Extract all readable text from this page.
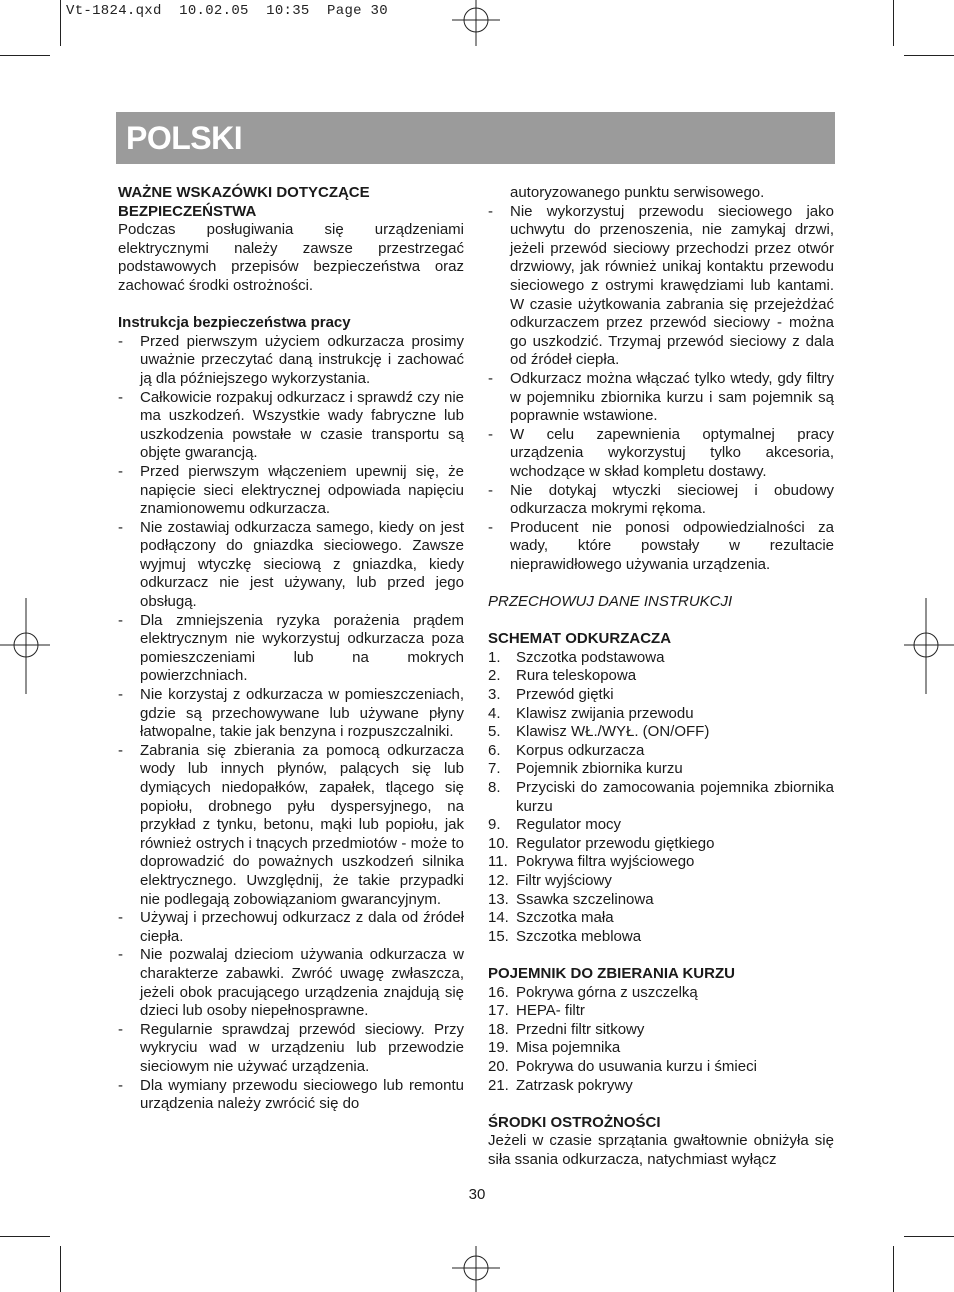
Vt-1824.qxd  10.02.05  10:35  Page 30
POLSKI
WAŻNE WSKAZÓWKI DOTYCZĄCE BEZPIECZEŃSTWA

Podczas posługiwania się urządzeniami elektrycznymi należy zawsze przestrzegać podstawowych przepisów bezpieczeństwa oraz zachować środki ostrożności.

Instrukcja bezpieczeństwa pracy
- Przed pierwszym użyciem odkurzacza prosimy uważnie przeczytać daną instrukcję i zachować ją dla późniejszego wykorzystania.
- Całkowicie rozpakuj odkurzacz i sprawdź czy nie ma uszkodzeń. Wszystkie wady fabryczne lub uszkodzenia powstałe w czasie transportu są objęte gwarancją.
- Przed pierwszym włączeniem upewnij się, że napięcie sieci elektrycznej odpowiada napięciu znamionowemu odkurzacza.
- Nie zostawiaj odkurzacza samego, kiedy on jest podłączony do gniazdka sieciowego. Zawsze wyjmuj wtyczkę sieciową z gniazdka, kiedy odkurzacz nie jest używany, lub przed jego obsługą.
- Dla zmniejszenia ryzyka porażenia prądem elektrycznym nie wykorzystuj odkurzacza poza pomieszczeniami lub na mokrych powierzchniach.
- Nie korzystaj z odkurzacza w pomieszczeniach, gdzie są przechowywane lub używane płyny łatwopalne, takie jak benzyna i rozpuszczalniki.
- Zabrania się zbierania za pomocą odkurzacza wody lub innych płynów, palących się lub dymiących niedopałków, zapałek, tlącego się popiołu, drobnego pyłu dyspersyjnego, na przykład z tynku, betonu, mąki lub popiołu, jak również ostrych i tnących przedmiotów - może to doprowadzić do poważnych uszkodzeń silnika elektrycznego. Uwzględnij, że takie przypadki nie podlegają zobowiązaniom gwarancyjnym.
- Używaj i przechowuj odkurzacz z dala od źródeł ciepła.
- Nie pozwalaj dzieciom używania odkurzacza w charakterze zabawki. Zwróć uwagę zwłaszcza, jeżeli obok pracującego urządzenia znajdują się dzieci lub osoby niepełnosprawne.
- Regularnie sprawdzaj przewód sieciowy. Przy wykryciu wad w urządzeniu lub przewodzie sieciowym nie używać urządzenia.
- Dla wymiany przewodu sieciowego lub remontu urządzenia należy zwrócić się do

autoryzowanego punktu serwisowego.

- Nie wykorzystuj przewodu sieciowego jako uchwytu do przenoszenia, nie zamykaj drzwi, jeżeli przewód sieciowy przechodzi przez otwór drzwiowy, jak również unikaj kontaktu przewodu sieciowego z ostrymi krawędziami lub kantami. W czasie użytkowania zabrania się przejeżdżać odkurzaczem przez przewód sieciowy - można go uszkodzić. Trzymaj przewód sieciowy z dala od źródeł ciepła.
- Odkurzacz można włączać tylko wtedy, gdy filtry w pojemniku zbiornika kurzu i sam pojemnik są poprawnie wstawione.
- W celu zapewnienia optymalnej pracy urządzenia wykorzystuj tylko akcesoria, wchodzące w skład kompletu dostawy.
- Nie dotykaj wtyczki sieciowej i obudowy odkurzacza mokrymi rękoma.
- Producent nie ponosi odpowiedzialności za wady, które powstały w rezultacie nieprawidłowego używania urządzenia.

PRZECHOWUJ DANE INSTRUKCJI

SCHEMAT ODKURZACZA
1. Szczotka podstawowa
2. Rura teleskopowa
3. Przewód giętki
4. Klawisz zwijania przewodu
5. Klawisz WŁ./WYŁ. (ON/OFF)
6. Korpus odkurzacza
7. Pojemnik zbiornika kurzu
8. Przyciski do zamocowania pojemnika zbiornika kurzu
9. Regulator mocy
10. Regulator przewodu giętkiego
11. Pokrywa filtra wyjściowego
12. Filtr wyjściowy
13. Ssawka szczelinowa
14. Szczotka mała
15. Szczotka meblowa
POJEMNIK DO ZBIERANIA KURZU
16. Pokrywa górna z uszczelką
17. HEPA- filtr
18. Przedni filtr sitkowy
19. Misa pojemnika
20. Pokrywa do usuwania kurzu i śmieci
21. Zatrzask pokrywy
ŚRODKI OSTROŻNOŚCI

Jeżeli w czasie sprzątania gwałtownie obniżyła się siła ssania odkurzacza, natychmiast wyłącz

30
